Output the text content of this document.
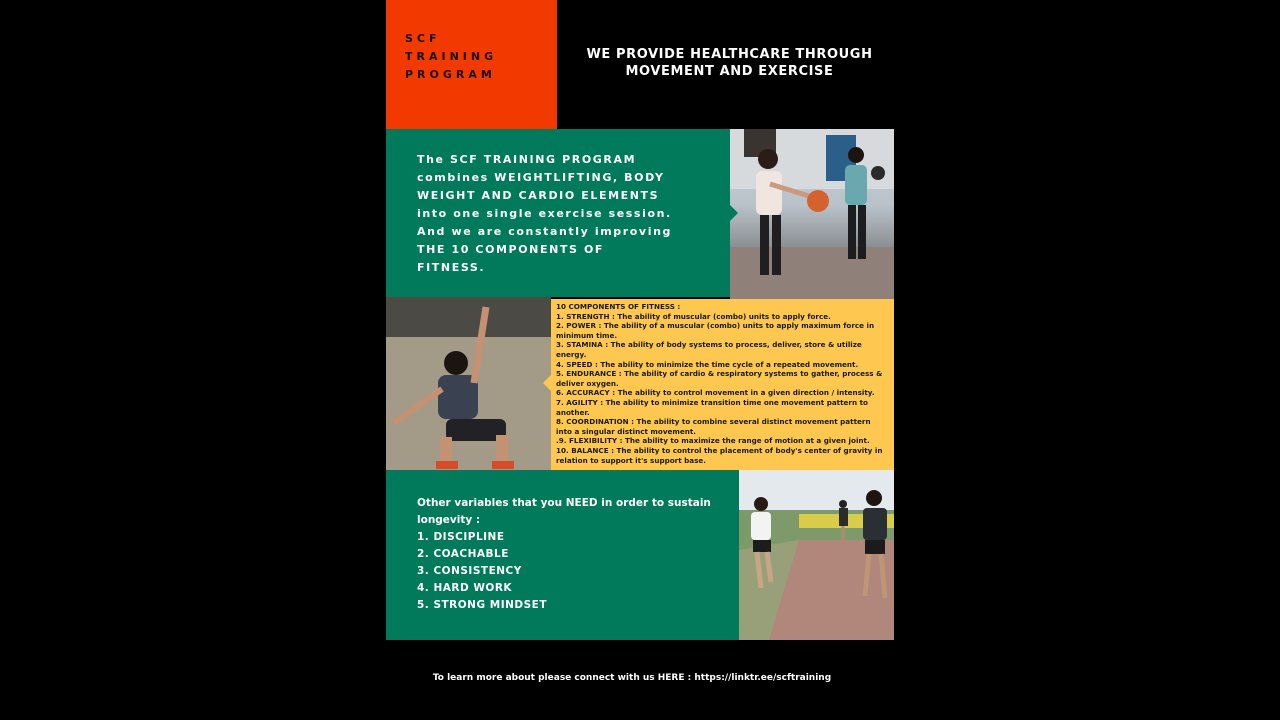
SCF
TRAINING
PROGRAM
WE PROVIDE HEALTHCARE THROUGH
MOVEMENT AND EXERCISE
The SCF TRAINING PROGRAM
combines WEIGHTLIFTING, BODY
WEIGHT AND CARDIO ELEMENTS
into one single exercise session.
And we are constantly improving
THE 10 COMPONENTS OF
FITNESS.

10 COMPONENTS OF FITNESS :

1. STRENGTH : The ability of muscular (combo) units to apply force.

2. POWER : The ability of a muscular (combo) units to apply maximum force in minimum time.

3. STAMINA : The ability of body systems to process, deliver, store & utilize energy.

4. SPEED : The ability to minimize the time cycle of a repeated movement.

5. ENDURANCE : The ability of cardio & respiratory systems to gather, process & deliver oxygen.

6. ACCURACY : The ability to control movement in a given direction / intensity.

7. AGILITY : The ability to minimize transition time one movement pattern to another.

8. COORDINATION : The ability to combine several distinct movement pattern into a singular distinct movement.

.9. FLEXIBILITY : The ability to maximize the range of motion at a given joint.

10. BALANCE : The ability to control the placement of body's center of gravity in relation to support it's support base.

Other variables that you NEED in order to sustain
longevity :
1. DISCIPLINE
2. COACHABLE
3. CONSISTENCY
4. HARD WORK
5. STRONG MINDSET
To learn more about please connect with us HERE : https://linktr.ee/scftraining
